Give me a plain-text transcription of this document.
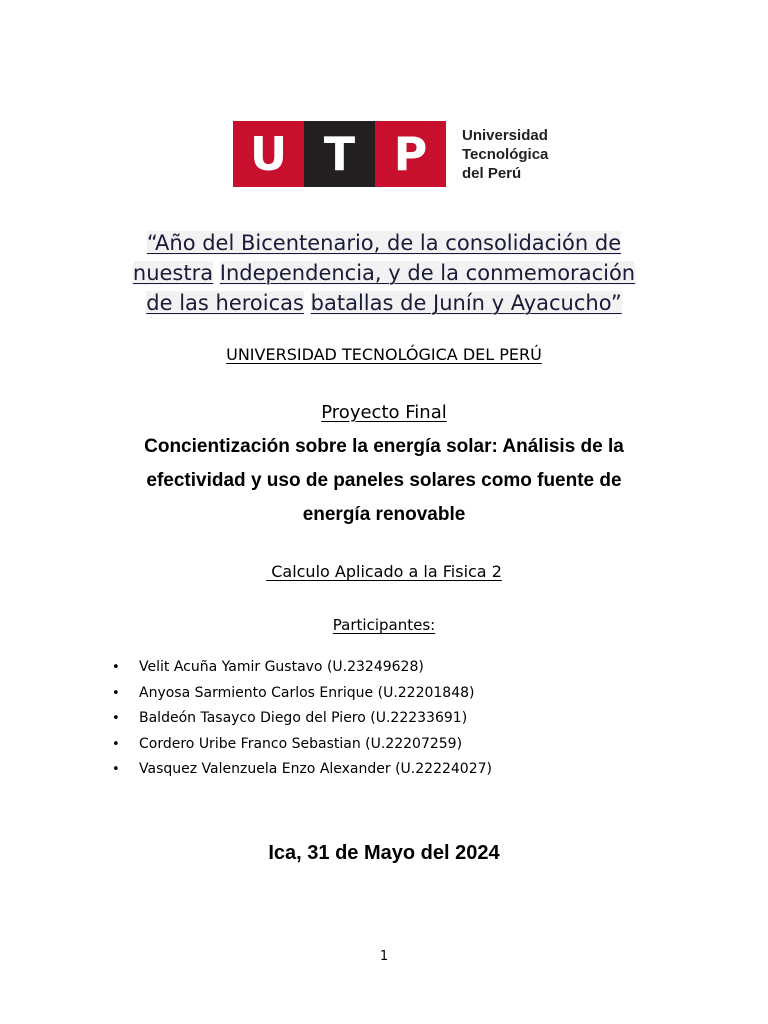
U T P	Universidad
Tecnológica
del Perú
“Año del Bicentenario, de la consolidación de
nuestra Independencia, y de la conmemoración
de las heroicas batallas de Junín y Ayacucho”
UNIVERSIDAD TECNOLÓGICA DEL PERÚ
Proyecto Final
Concientización sobre la energía solar: Análisis de la efectividad y uso de paneles solares como fuente de energía renovable
Calculo Aplicado a la Fisica 2
Participantes:
•	Velit Acuña Yamir Gustavo (U.23249628)
•	Anyosa Sarmiento Carlos Enrique (U.22201848)
•	Baldeón Tasayco Diego del Piero (U.22233691)
•	Cordero Uribe Franco Sebastian (U.22207259)
•	Vasquez Valenzuela Enzo Alexander (U.22224027)
Ica, 31 de Mayo del 2024
1
